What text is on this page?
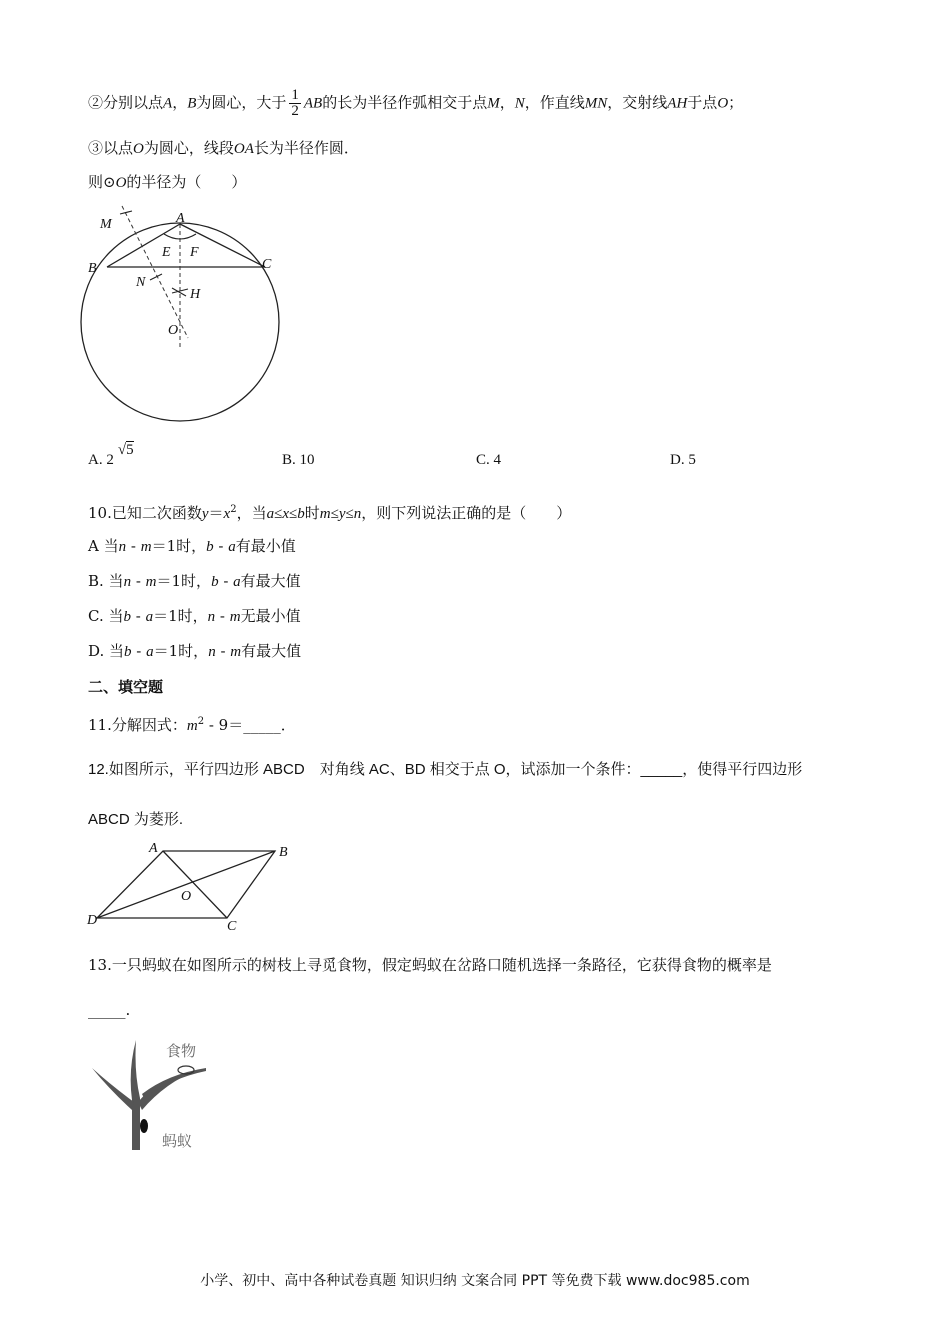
②分别以点A，B为圆心，大于 $\frac{1}{2}$ AB的长为半径作弧相交于点M，N，作直线MN，交射线AH于点O；
③以点O为圆心，线段OA长为半径作圆．
则⊙O的半径为（　　）
M	A
E F
B	C
N
H
O
A. 2√5
B. 10	C. 4	D. 5
10.已知二次函数$y=x^2$，当a≤x≤b时m≤y≤n，则下列说法正确的是（　　）
A 当n - m＝1时，b - a有最小值
B. 当n - m＝1时，b - a有最大值
C. 当b - a＝1时，n - m无最小值
D. 当b - a＝1时，n - m有最大值
二、填空题
11.分解因式：$m^2$ - 9＝_____．
12.如图所示，平行四边形 ABCD　对角线 AC、BD 相交于点 O，试添加一个条件：_____，使得平行四边形
ABCD 为菱形.
A	B
C
D
O
13.一只蚂蚁在如图所示的树枝上寻觅食物，假定蚂蚁在岔路口随机选择一条路径，它获得食物的概率是
_____.
食物
蚂蚁
小学、初中、高中各种试卷真题 知识归纳 文案合同 PPT 等免费下载 www.doc985.com
